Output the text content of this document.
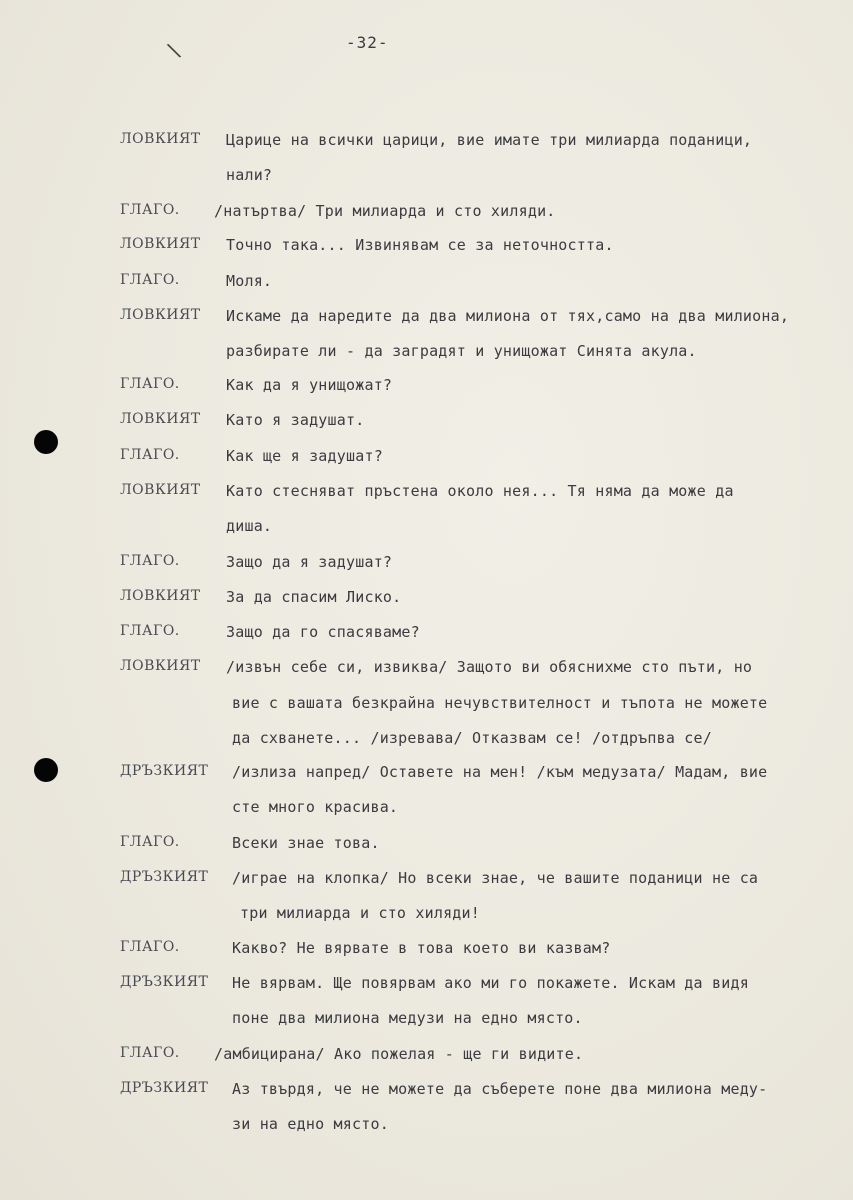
\	-32-
ЛОВКИЯТ
ГЛАГО.
ЛОВКИЯТ
ГЛАГО.
ЛОВКИЯТ
ГЛАГО.
ЛОВКИЯТ
ГЛАГО.
ЛОВКИЯТ
ГЛАГО.
ЛОВКИЯТ
ГЛАГО.
ЛОВКИЯТ
ДРЪЗКИЯТ
ГЛАГО.
ДРЪЗКИЯТ
ГЛАГО.
ДРЪЗКИЯТ
ГЛАГО.
ДРЪЗКИЯТ
Царице на всички царици, вие имате три милиарда поданици,
нали?
/натъртва/ Три милиарда и сто хиляди.
Точно така... Извинявам се за неточността.
Моля.
Искаме да наредите да два милиона от тях,само на два милиона,
разбирате ли - да заградят и унищожат Синята акула.
Как да я унищожат?
Като я задушат.
Как ще я задушат?
Като стесняват пръстена около нея... Тя няма да може да
диша.
Защо да я задушат?
За да спасим Лиско.
Защо да го спасяваме?
/извън себе си, извиква/ Защото ви обяснихме сто пъти, но
вие с вашата безкрайна нечувствителност и тъпота не можете
да схванете... /изревава/ Отказвам се! /отдръпва се/
/излиза напред/ Оставете на мен! /към медузата/ Мадам, вие
сте много красива.
Всеки знае това.
/играе на клопка/ Но всеки знае, че вашите поданици не са
три милиарда и сто хиляди!
Какво? Не вярвате в това което ви казвам?
Не вярвам. Ще повярвам ако ми го покажете. Искам да видя
поне два милиона медузи на едно място.
/амбицирана/ Ако пожелая - ще ги видите.
Аз твърдя, че не можете да съберете поне два милиона меду-
зи на едно място.
